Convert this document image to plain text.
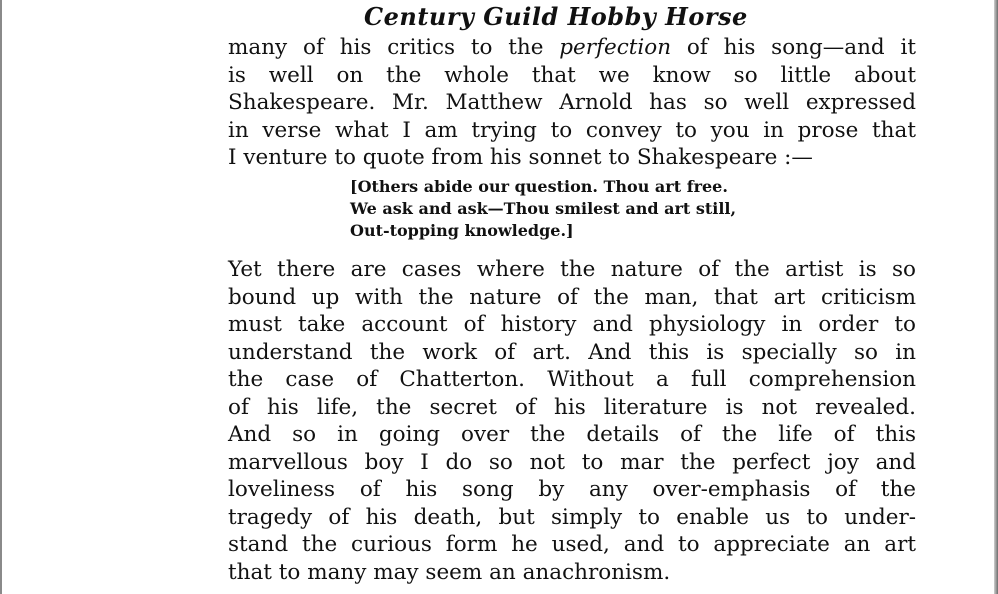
Century Guild Hobby Horse
many of his critics to the perfection of his song—and it
is well on the whole that we know so little about
Shakespeare. Mr. Matthew Arnold has so well expressed
in verse what I am trying to convey to you in prose that
I venture to quote from his sonnet to Shakespeare :—
[Others abide our question. Thou art free.
We ask and ask—Thou smilest and art still,
Out-topping knowledge.]
Yet there are cases where the nature of the artist is so
bound up with the nature of the man, that art criticism
must take account of history and physiology in order to
understand the work of art. And this is specially so in
the case of Chatterton. Without a full comprehension
of his life, the secret of his literature is not revealed.
And so in going over the details of the life of this
marvellous boy I do so not to mar the perfect joy and
loveliness of his song by any over-emphasis of the
tragedy of his death, but simply to enable us to under-
stand the curious form he used, and to appreciate an art
that to many may seem an anachronism.
